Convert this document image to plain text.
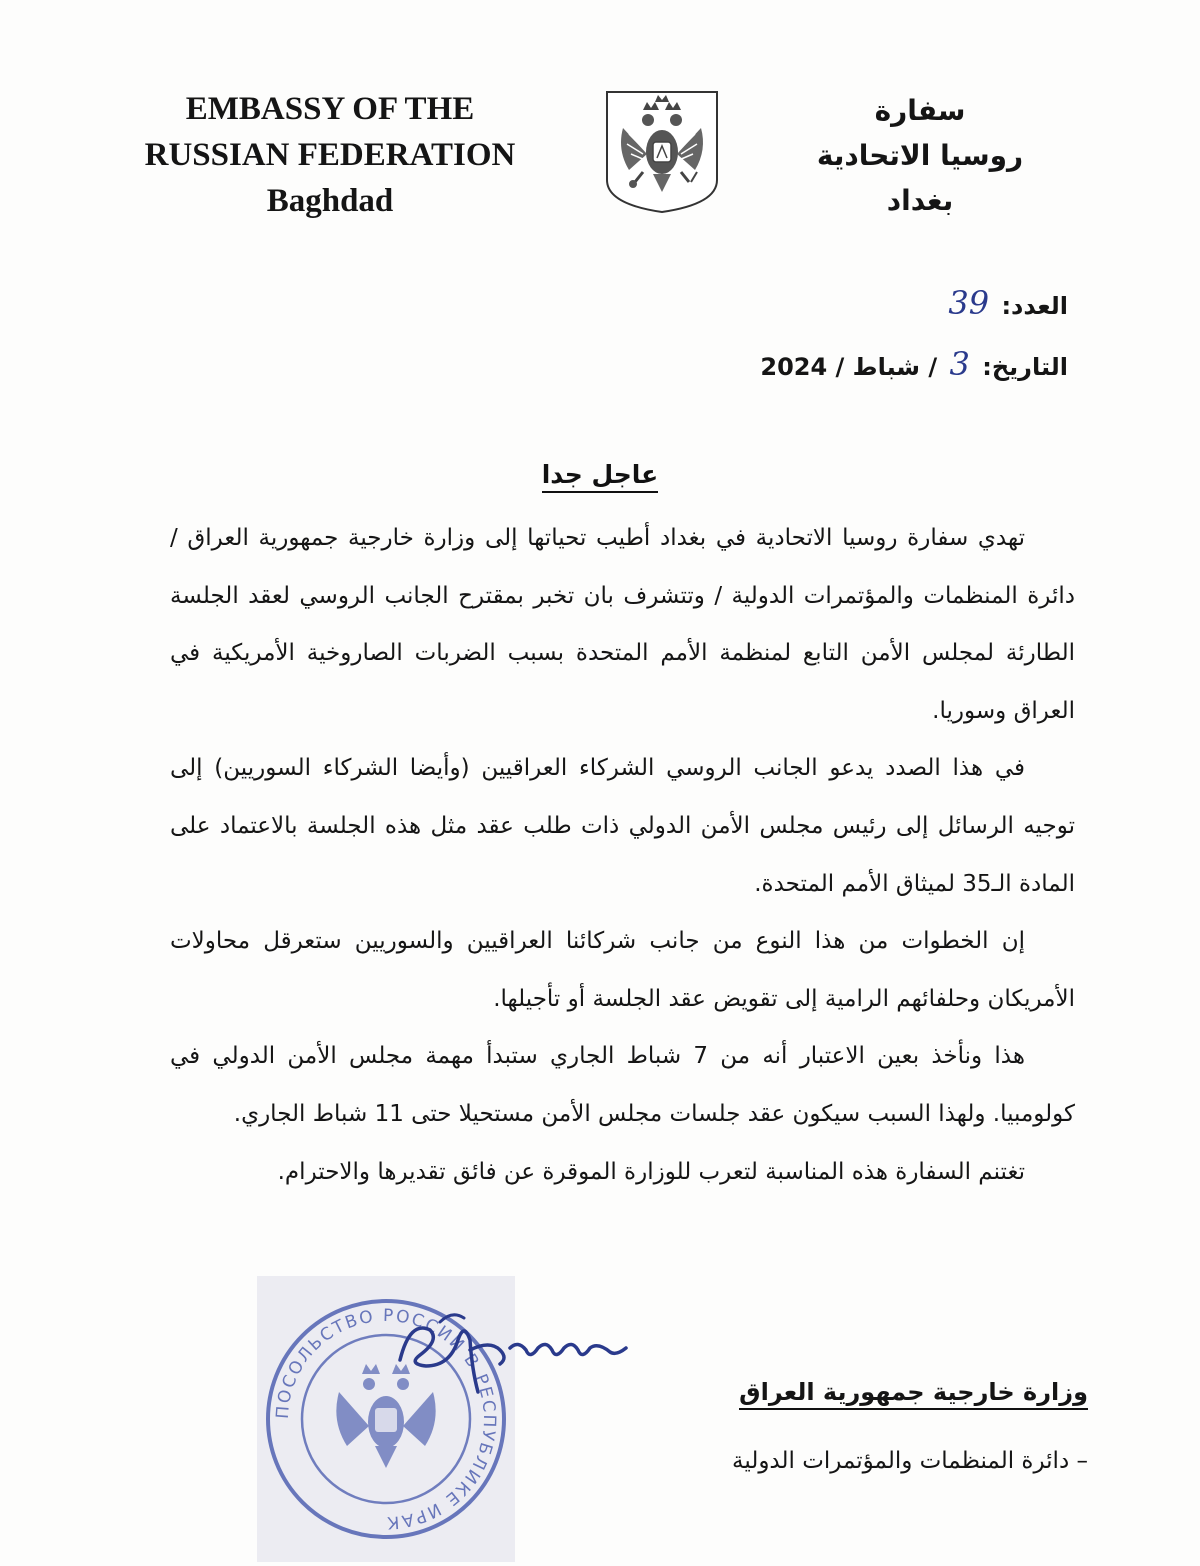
EMBASSY OF THE
RUSSIAN FEDERATION
Baghdad
سفارة
روسيا الاتحادية
بغداد
العدد: 39
التاريخ: 3 / شباط / 2024
عاجل جدا

تهدي سفارة روسيا الاتحادية في بغداد أطيب تحياتها إلى وزارة خارجية جمهورية العراق / دائرة المنظمات والمؤتمرات الدولية / وتتشرف بان تخبر بمقترح الجانب الروسي لعقد الجلسة الطارئة لمجلس الأمن التابع لمنظمة الأمم المتحدة بسبب الضربات الصاروخية الأمريكية في العراق وسوريا.

في هذا الصدد يدعو الجانب الروسي الشركاء العراقيين (وأيضا الشركاء السوريين) إلى توجيه الرسائل إلى رئيس مجلس الأمن الدولي ذات طلب عقد مثل هذه الجلسة بالاعتماد على المادة الـ35 لميثاق الأمم المتحدة.

إن الخطوات من هذا النوع من جانب شركائنا العراقيين والسوريين ستعرقل محاولات الأمريكان وحلفائهم الرامية إلى تقويض عقد الجلسة أو تأجيلها.

هذا ونأخذ بعين الاعتبار أنه من 7 شباط الجاري ستبدأ مهمة مجلس الأمن الدولي في كولومبيا. ولهذا السبب سيكون عقد جلسات مجلس الأمن مستحيلا حتى 11 شباط الجاري.

تغتنم السفارة هذه المناسبة لتعرب للوزارة الموقرة عن فائق تقديرها والاحترام.

ПОСОЛЬСТВО РОССИИ В РЕСПУБЛИКЕ ИРАК
وزارة خارجية جمهورية العراق
– دائرة المنظمات والمؤتمرات الدولية
